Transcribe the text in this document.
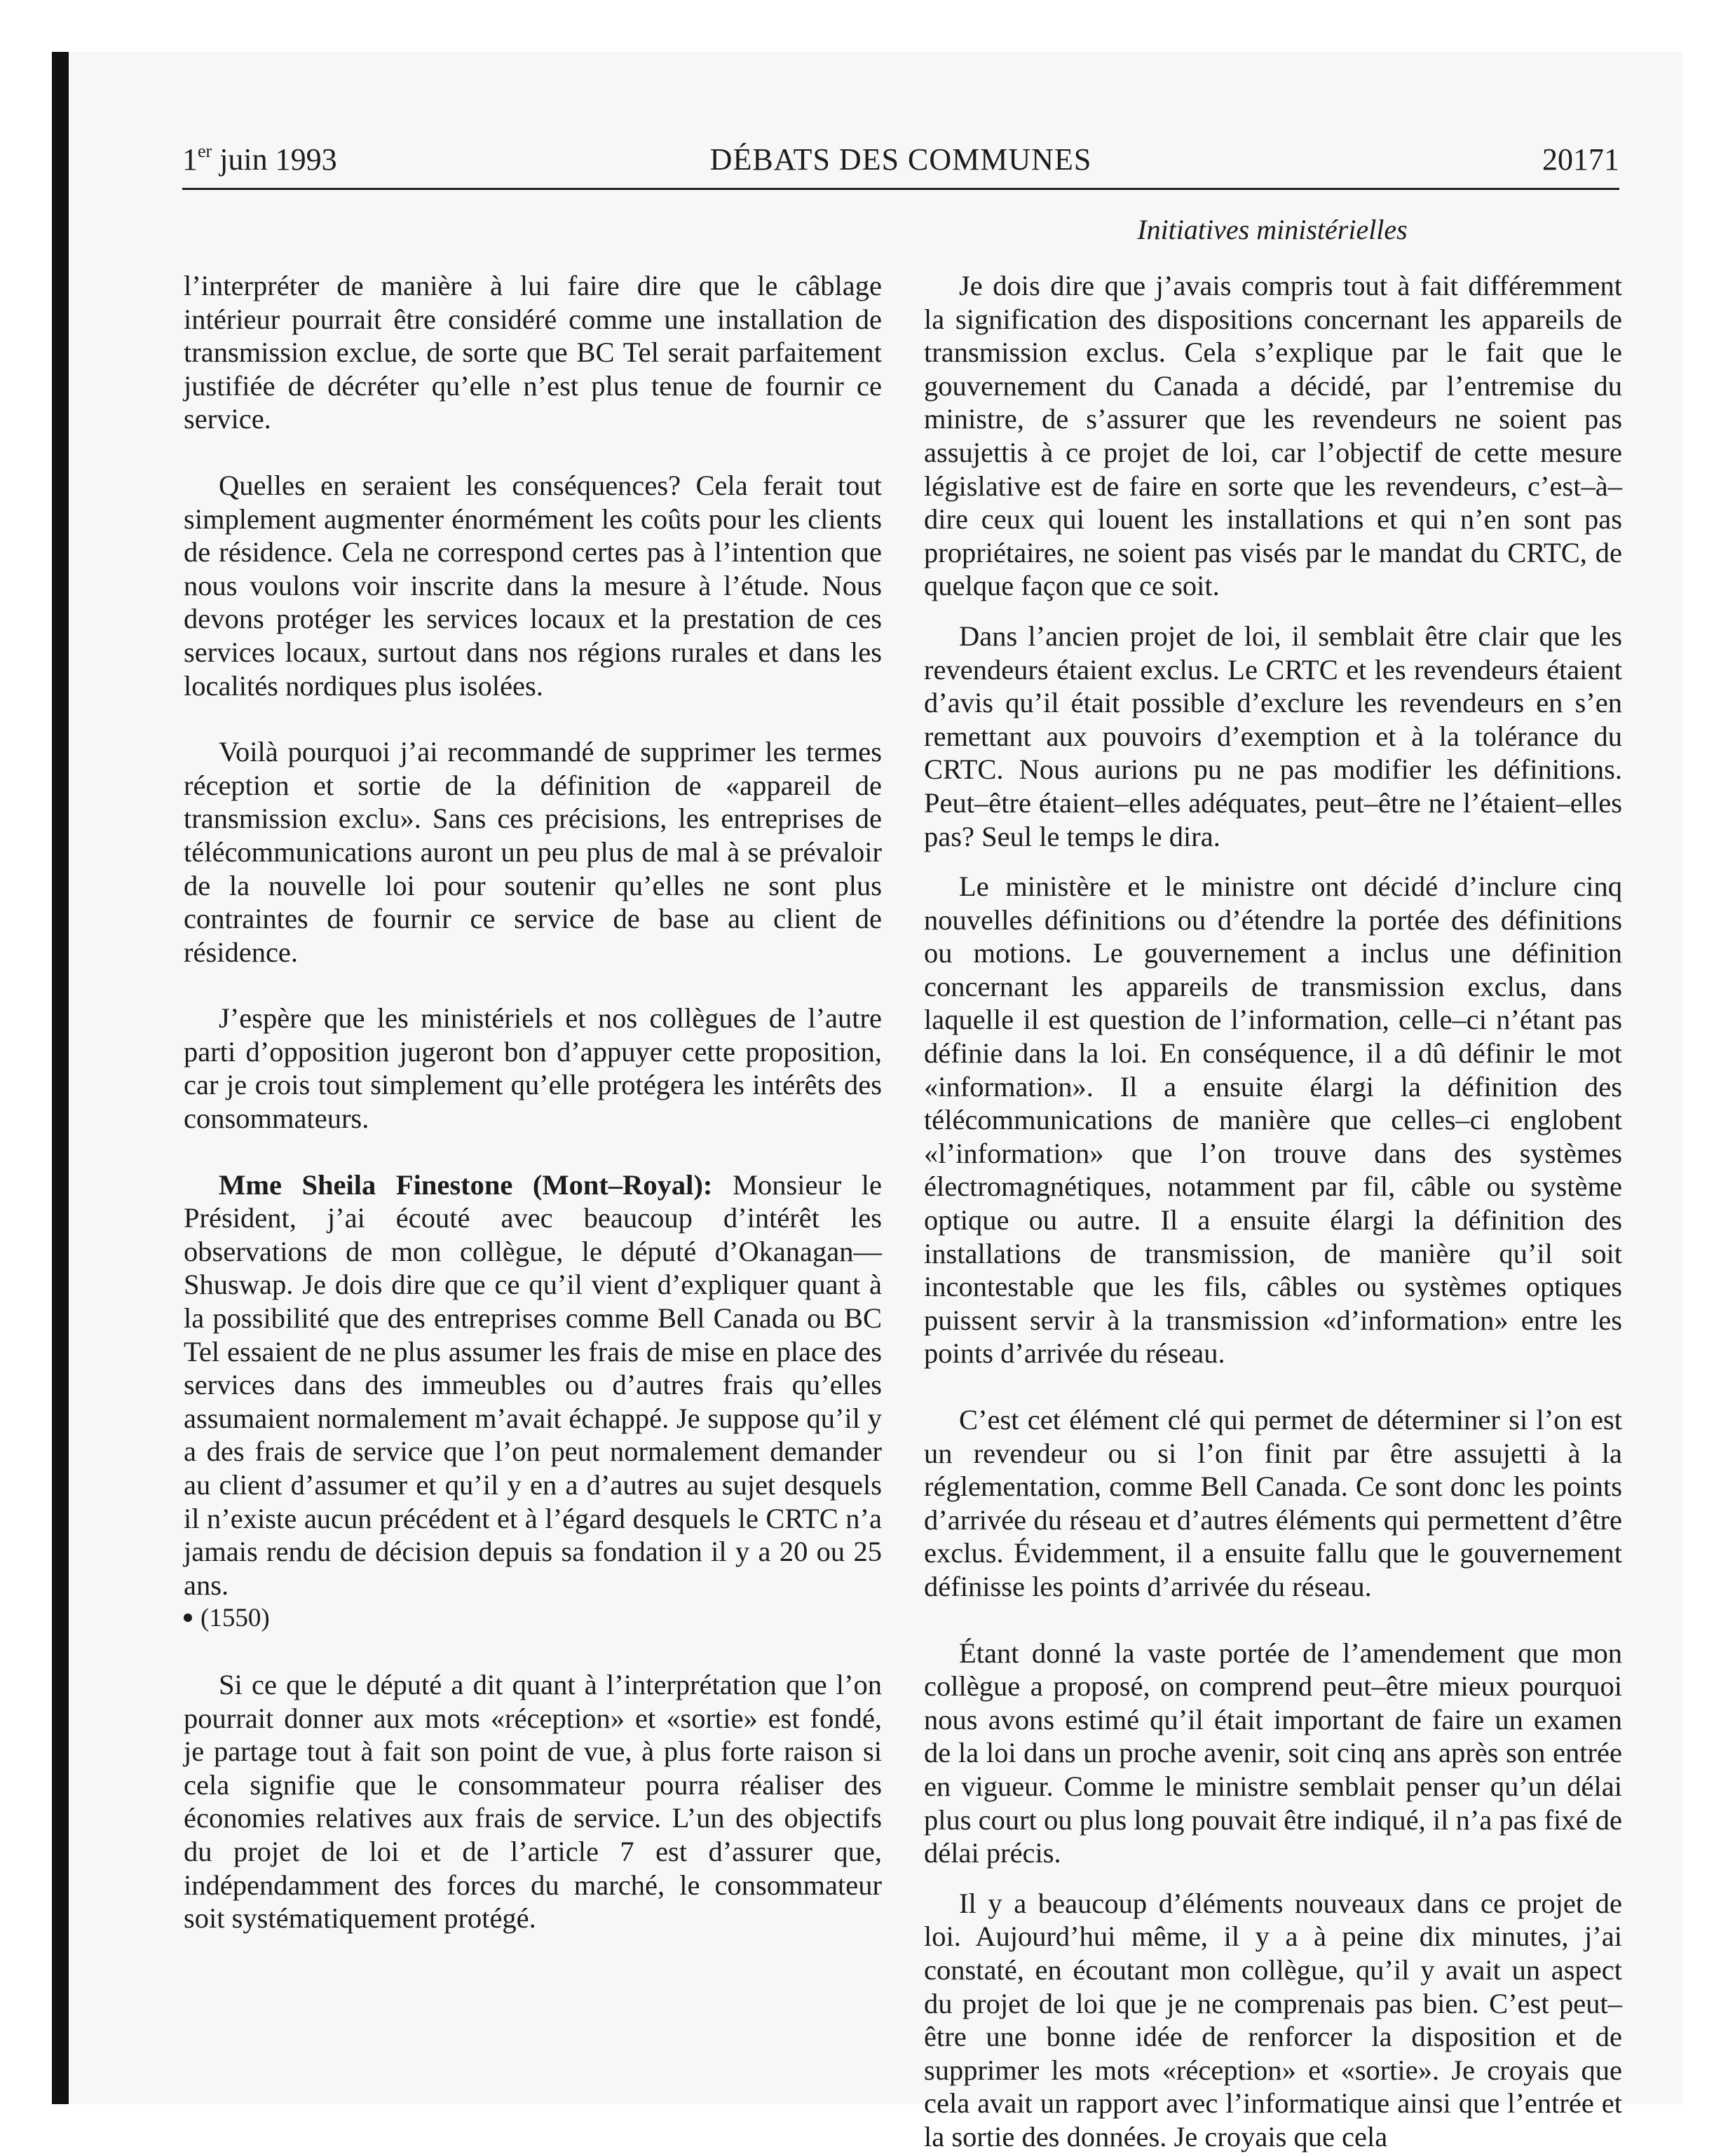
1er juin 1993	DÉBATS DES COMMUNES	20171
Initiatives ministérielles

l’interpréter de manière à lui faire dire que le câblage intérieur pourrait être considéré comme une installation de transmission exclue, de sorte que BC Tel serait parfaitement justifiée de décréter qu’elle n’est plus tenue de fournir ce service.

Quelles en seraient les conséquences? Cela ferait tout simplement augmenter énormément les coûts pour les clients de résidence. Cela ne correspond certes pas à l’intention que nous voulons voir inscrite dans la mesure à l’étude. Nous devons protéger les services locaux et la prestation de ces services locaux, surtout dans nos régions rurales et dans les localités nordiques plus isolées.

Voilà pourquoi j’ai recommandé de supprimer les termes réception et sortie de la définition de «appareil de transmission exclu». Sans ces précisions, les entreprises de télécommunications auront un peu plus de mal à se prévaloir de la nouvelle loi pour soutenir qu’elles ne sont plus contraintes de fournir ce service de base au client de résidence.

J’espère que les ministériels et nos collègues de l’autre parti d’opposition jugeront bon d’appuyer cette proposition, car je crois tout simplement qu’elle protégera les intérêts des consommateurs.

Mme Sheila Finestone (Mont–Royal): Monsieur le Président, j’ai écouté avec beaucoup d’intérêt les observations de mon collègue, le député d’Okanagan—Shuswap. Je dois dire que ce qu’il vient d’expliquer quant à la possibilité que des entreprises comme Bell Canada ou BC Tel essaient de ne plus assumer les frais de mise en place des services dans des immeubles ou d’autres frais qu’elles assumaient normalement m’avait échappé. Je suppose qu’il y a des frais de service que l’on peut normalement demander au client d’assumer et qu’il y en a d’autres au sujet desquels il n’existe aucun précédent et à l’égard desquels le CRTC n’a jamais rendu de décision depuis sa fondation il y a 20 ou 25 ans.

(1550)

Si ce que le député a dit quant à l’interprétation que l’on pourrait donner aux mots «réception» et «sortie» est fondé, je partage tout à fait son point de vue, à plus forte raison si cela signifie que le consommateur pourra réaliser des économies relatives aux frais de service. L’un des objectifs du projet de loi et de l’article 7 est d’assurer que, indépendamment des forces du marché, le consommateur soit systématiquement protégé.

Je dois dire que j’avais compris tout à fait différemment la signification des dispositions concernant les appareils de transmission exclus. Cela s’explique par le fait que le gouvernement du Canada a décidé, par l’entremise du ministre, de s’assurer que les revendeurs ne soient pas assujettis à ce projet de loi, car l’objectif de cette mesure législative est de faire en sorte que les revendeurs, c’est–à–dire ceux qui louent les installations et qui n’en sont pas propriétaires, ne soient pas visés par le mandat du CRTC, de quelque façon que ce soit.

Dans l’ancien projet de loi, il semblait être clair que les revendeurs étaient exclus. Le CRTC et les revendeurs étaient d’avis qu’il était possible d’exclure les revendeurs en s’en remettant aux pouvoirs d’exemption et à la tolérance du CRTC. Nous aurions pu ne pas modifier les définitions. Peut–être étaient–elles adéquates, peut–être ne l’étaient–elles pas? Seul le temps le dira.

Le ministère et le ministre ont décidé d’inclure cinq nouvelles définitions ou d’étendre la portée des définitions ou motions. Le gouvernement a inclus une définition concernant les appareils de transmission exclus, dans laquelle il est question de l’information, celle–ci n’étant pas définie dans la loi. En conséquence, il a dû définir le mot «information». Il a ensuite élargi la définition des télécommunications de manière que celles–ci englobent «l’information» que l’on trouve dans des systèmes électromagnétiques, notamment par fil, câble ou système optique ou autre. Il a ensuite élargi la définition des installations de transmission, de manière qu’il soit incontestable que les fils, câbles ou systèmes optiques puissent servir à la transmission «d’information» entre les points d’arrivée du réseau.

C’est cet élément clé qui permet de déterminer si l’on est un revendeur ou si l’on finit par être assujetti à la réglementation, comme Bell Canada. Ce sont donc les points d’arrivée du réseau et d’autres éléments qui permettent d’être exclus. Évidemment, il a ensuite fallu que le gouvernement définisse les points d’arrivée du réseau.

Étant donné la vaste portée de l’amendement que mon collègue a proposé, on comprend peut–être mieux pourquoi nous avons estimé qu’il était important de faire un examen de la loi dans un proche avenir, soit cinq ans après son entrée en vigueur. Comme le ministre semblait penser qu’un délai plus court ou plus long pouvait être indiqué, il n’a pas fixé de délai précis.

Il y a beaucoup d’éléments nouveaux dans ce projet de loi. Aujourd’hui même, il y a à peine dix minutes, j’ai constaté, en écoutant mon collègue, qu’il y avait un aspect du projet de loi que je ne comprenais pas bien. C’est peut–être une bonne idée de renforcer la disposition et de supprimer les mots «réception» et «sortie». Je croyais que cela avait un rapport avec l’informatique ainsi que l’entrée et la sortie des données. Je croyais que cela
